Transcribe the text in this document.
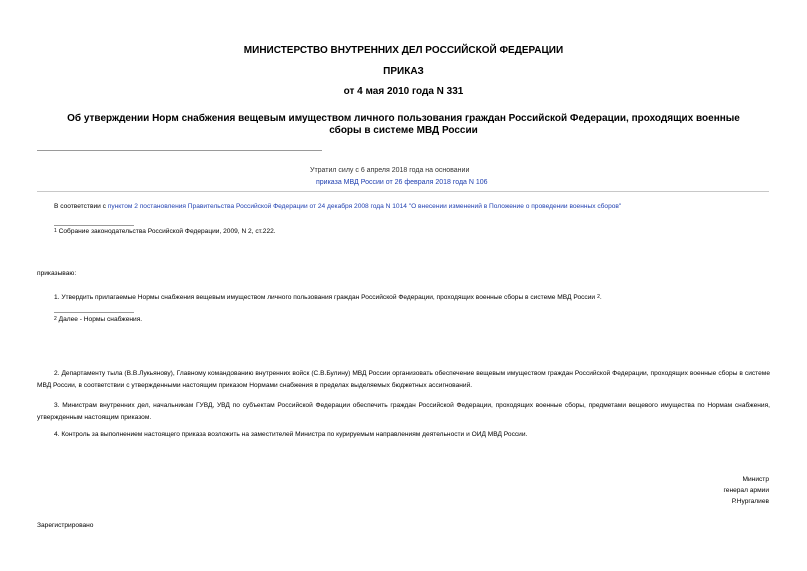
МИНИСТЕРСТВО ВНУТРЕННИХ ДЕЛ РОССИЙСКОЙ ФЕДЕРАЦИИ
ПРИКАЗ
от 4 мая 2010 года N 331
Об утверждении Норм снабжения вещевым имуществом личного пользования граждан Российской Федерации, проходящих военные сборы в системе МВД России
Утратил силу с 6 апреля 2018 года на основании
приказа МВД России от 26 февраля 2018 года N 106
В соответствии с пунктом 2 постановления Правительства Российской Федерации от 24 декабря 2008 года N 1014 "О внесении изменений в Положение о проведении военных сборов"
$^1$ Собрание законодательства Российской Федерации, 2009, N 2, ст.222.
приказываю:
1. Утвердить прилагаемые Нормы снабжения вещевым имуществом личного пользования граждан Российской Федерации, проходящих военные сборы в системе МВД России $^2$.
$^2$ Далее - Нормы снабжения.
2. Департаменту тыла (В.В.Лукьянову), Главному командованию внутренних войск (С.В.Булину) МВД России организовать обеспечение вещевым имуществом граждан Российской Федерации, проходящих военные сборы в системе МВД России, в соответствии с утвержденными настоящим приказом Нормами снабжения в пределах выделяемых бюджетных ассигнований.
3. Министрам внутренних дел, начальникам ГУВД, УВД по субъектам Российской Федерации обеспечить граждан Российской Федерации, проходящих военные сборы, предметами вещевого имущества по Нормам снабжения, утвержденным настоящим приказом.
4. Контроль за выполнением настоящего приказа возложить на заместителей Министра по курируемым направлениям деятельности и ОИД МВД России.
Министр
генерал армии
Р.Нургалиев
Зарегистрировано
